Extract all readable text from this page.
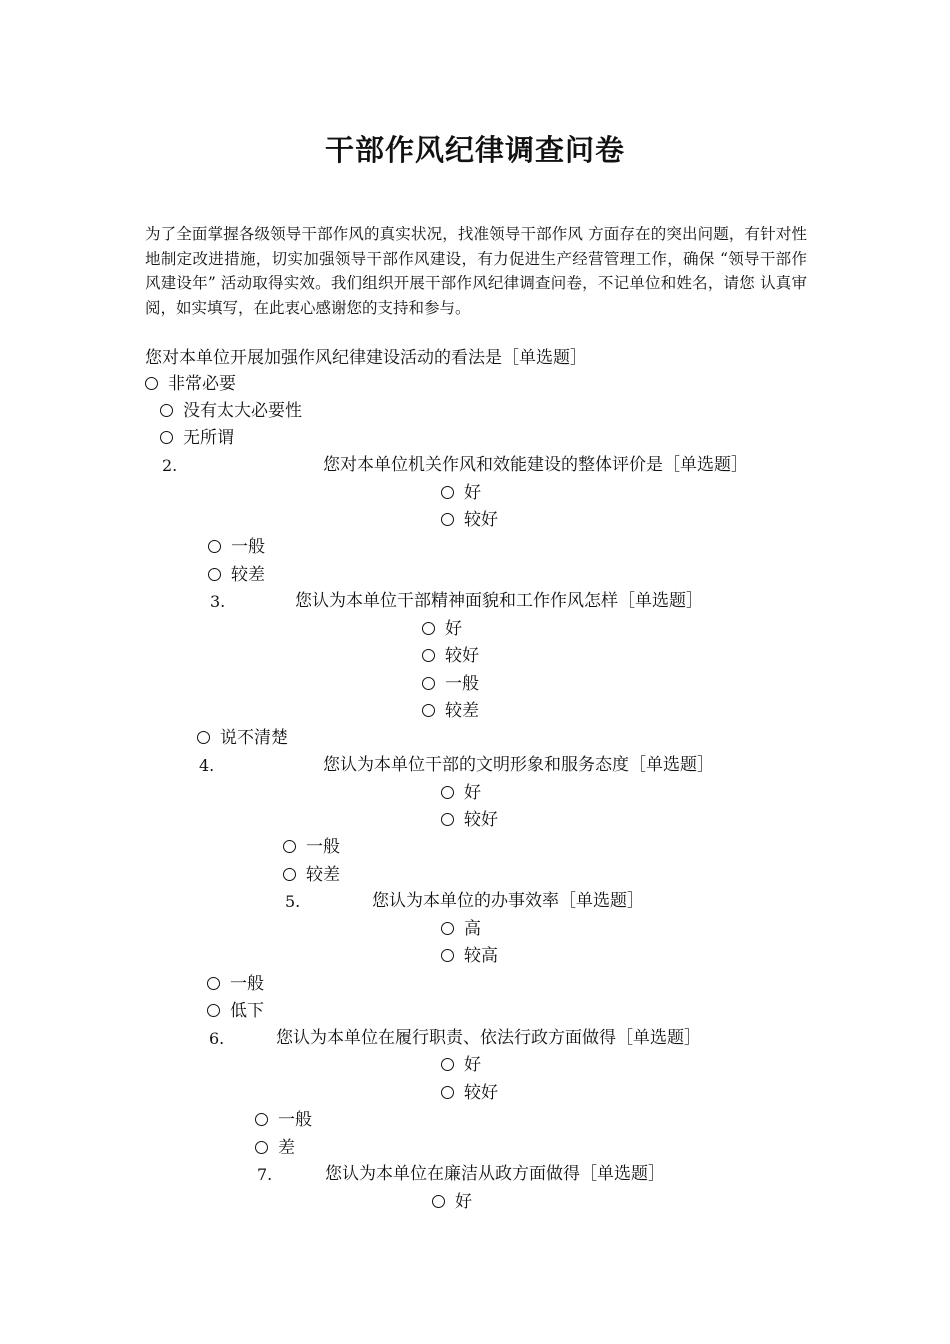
干部作风纪律调查问卷
为了全面掌握各级领导干部作风的真实状况，找准领导干部作风 方面存在的突出问题，有针对性地制定改进措施，切实加强领导干部作风建设，有力促进生产经营管理工作，确保 “领导干部作风建设年” 活动取得实效。我们组织开展干部作风纪律调查问卷，不记单位和姓名，请您 认真审阅，如实填写，在此衷心感谢您的支持和参与。
您对本单位开展加强作风纪律建设活动的看法是［单选题］
非常必要
没有太大必要性
无所谓
2.	您对本单位机关作风和效能建设的整体评价是［单选题］
好
较好
一般
较差
3.	您认为本单位干部精神面貌和工作作风怎样［单选题］
好
较好
一般
较差
说不清楚
4.	您认为本单位干部的文明形象和服务态度［单选题］
好
较好
一般
较差
5.	您认为本单位的办事效率［单选题］
高
较高
一般
低下
6.	您认为本单位在履行职责、依法行政方面做得［单选题］
好
较好
一般
差
7.	您认为本单位在廉洁从政方面做得［单选题］
好
